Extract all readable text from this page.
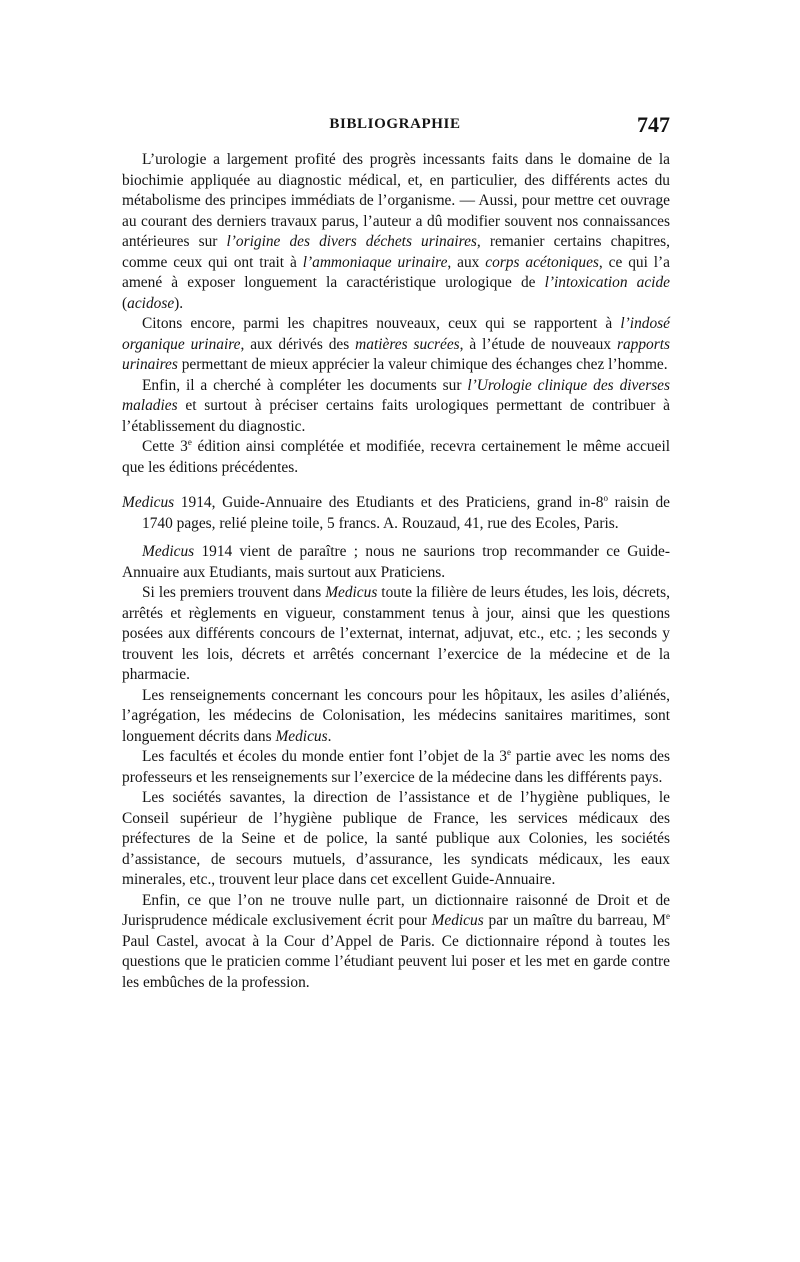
BIBLIOGRAPHIE	747

L’urologie a largement profité des progrès incessants faits dans le domaine de la biochimie appliquée au diagnostic médical, et, en particulier, des différents actes du métabolisme des principes immédiats de l’organisme. — Aussi, pour mettre cet ouvrage au courant des derniers travaux parus, l’auteur a dû modifier souvent nos connaissances antérieures sur l’origine des divers déchets urinaires, remanier certains chapitres, comme ceux qui ont trait à l’ammoniaque urinaire, aux corps acétoniques, ce qui l’a amené à exposer longuement la caractéristique urologique de l’intoxication acide (acidose).

Citons encore, parmi les chapitres nouveaux, ceux qui se rapportent à l’indosé organique urinaire, aux dérivés des matières sucrées, à l’étude de nouveaux rapports urinaires permettant de mieux apprécier la valeur chimique des échanges chez l’homme.

Enfin, il a cherché à compléter les documents sur l’Urologie clinique des diverses maladies et surtout à préciser certains faits urologiques permettant de contribuer à l’établissement du diagnostic.

Cette 3e édition ainsi complétée et modifiée, recevra certainement le même accueil que les éditions précédentes.

Medicus 1914, Guide-Annuaire des Etudiants et des Praticiens, grand in-8$^o$ raisin de 1740 pages, relié pleine toile, 5 francs. A. Rouzaud, 41, rue des Ecoles, Paris.

Medicus 1914 vient de paraître ; nous ne saurions trop recommander ce Guide-Annuaire aux Etudiants, mais surtout aux Praticiens.

Si les premiers trouvent dans Medicus toute la filière de leurs études, les lois, décrets, arrêtés et règlements en vigueur, constamment tenus à jour, ainsi que les questions posées aux différents concours de l’externat, internat, adjuvat, etc., etc. ; les seconds y trouvent les lois, décrets et arrêtés concernant l’exercice de la médecine et de la pharmacie.

Les renseignements concernant les concours pour les hôpitaux, les asiles d’aliénés, l’agrégation, les médecins de Colonisation, les médecins sanitaires maritimes, sont longuement décrits dans Medicus.

Les facultés et écoles du monde entier font l’objet de la 3e partie avec les noms des professeurs et les renseignements sur l’exercice de la médecine dans les différents pays.

Les sociétés savantes, la direction de l’assistance et de l’hygiène publiques, le Conseil supérieur de l’hygiène publique de France, les services médicaux des préfectures de la Seine et de police, la santé publique aux Colonies, les sociétés d’assistance, de secours mutuels, d’assurance, les syndicats médicaux, les eaux minerales, etc., trouvent leur place dans cet excellent Guide-Annuaire.

Enfin, ce que l’on ne trouve nulle part, un dictionnaire raisonné de Droit et de Jurisprudence médicale exclusivement écrit pour Medicus par un maître du barreau, Me Paul Castel, avocat à la Cour d’Appel de Paris. Ce dictionnaire répond à toutes les questions que le praticien comme l’étudiant peuvent lui poser et les met en garde contre les embûches de la profession.
